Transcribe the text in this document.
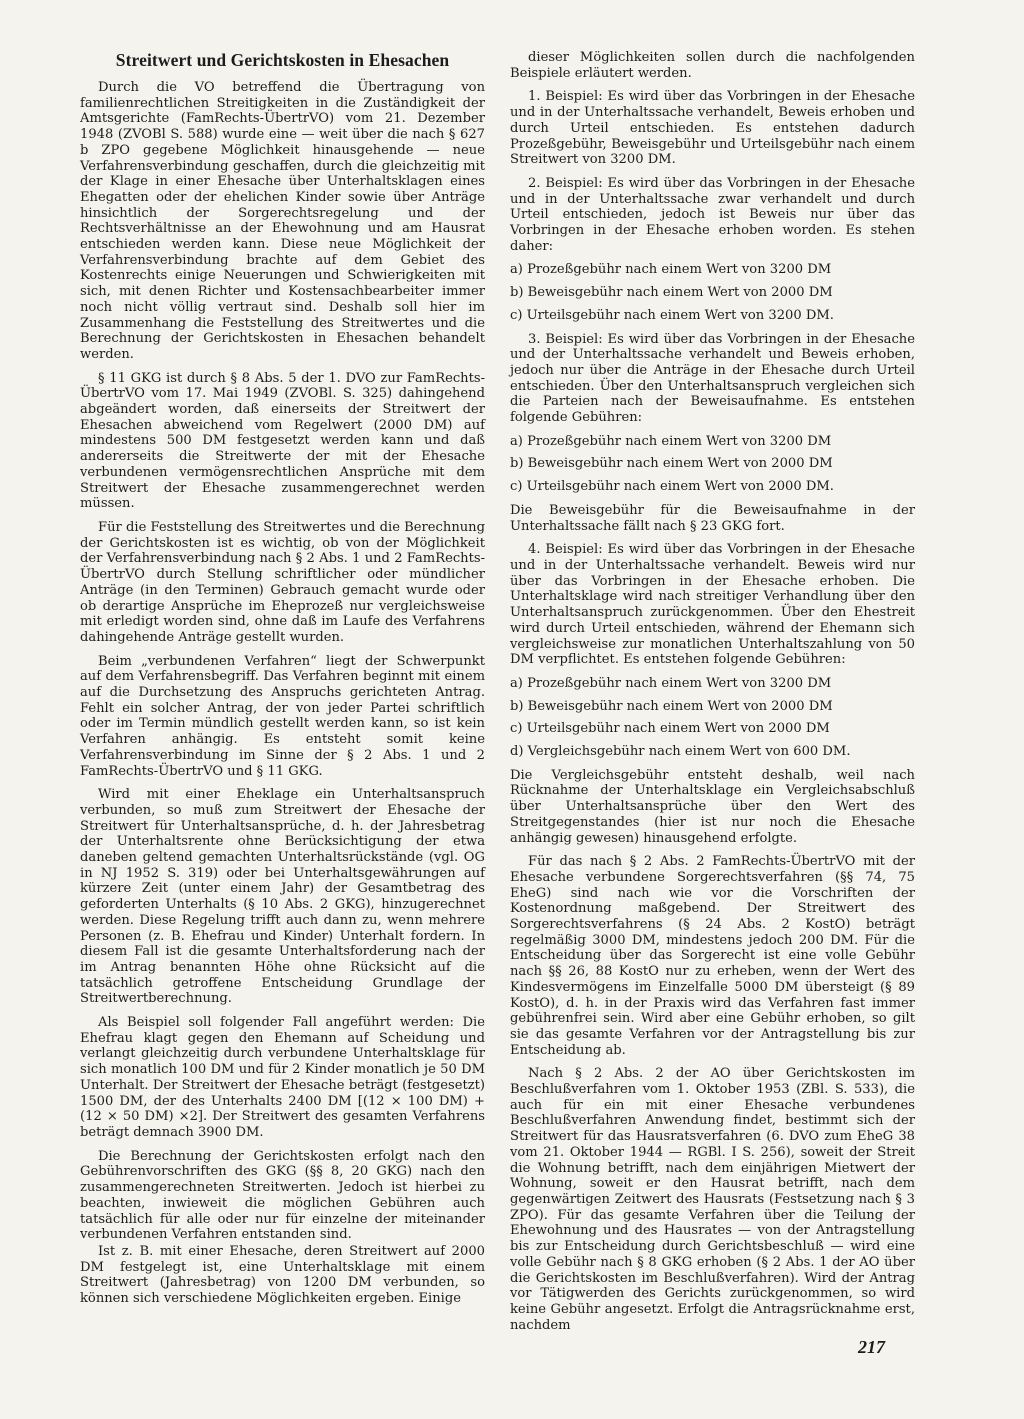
Streitwert und Gerichtskosten in Ehesachen

Durch die VO betreffend die Übertragung von familienrechtlichen Streitigkeiten in die Zuständigkeit der Amtsgerichte (FamRechts-ÜbertrVO) vom 21. Dezember 1948 (ZVOBl S. 588) wurde eine — weit über die nach § 627 b ZPO gegebene Möglichkeit hinausgehende — neue Verfahrensverbindung geschaffen, durch die gleichzeitig mit der Klage in einer Ehesache über Unterhaltsklagen eines Ehegatten oder der ehelichen Kinder sowie über Anträge hinsichtlich der Sorgerechtsregelung und der Rechtsverhältnisse an der Ehewohnung und am Hausrat entschieden werden kann. Diese neue Möglichkeit der Verfahrensverbindung brachte auf dem Gebiet des Kostenrechts einige Neuerungen und Schwierigkeiten mit sich, mit denen Richter und Kostensachbearbeiter immer noch nicht völlig vertraut sind. Deshalb soll hier im Zusammenhang die Feststellung des Streitwertes und die Berechnung der Gerichtskosten in Ehesachen behandelt werden.

§ 11 GKG ist durch § 8 Abs. 5 der 1. DVO zur FamRechts-ÜbertrVO vom 17. Mai 1949 (ZVOBl. S. 325) dahingehend abgeändert worden, daß einerseits der Streitwert der Ehesachen abweichend vom Regelwert (2000 DM) auf mindestens 500 DM festgesetzt werden kann und daß andererseits die Streitwerte der mit der Ehesache verbundenen vermögensrechtlichen Ansprüche mit dem Streitwert der Ehesache zusammengerechnet werden müssen.

Für die Feststellung des Streitwertes und die Berechnung der Gerichtskosten ist es wichtig, ob von der Möglichkeit der Verfahrensverbindung nach § 2 Abs. 1 und 2 FamRechts-ÜbertrVO durch Stellung schriftlicher oder mündlicher Anträge (in den Terminen) Gebrauch gemacht wurde oder ob derartige Ansprüche im Eheprozeß nur vergleichsweise mit erledigt worden sind, ohne daß im Laufe des Verfahrens dahingehende Anträge gestellt wurden.

Beim „verbundenen Verfahren“ liegt der Schwerpunkt auf dem Verfahrensbegriff. Das Verfahren beginnt mit einem auf die Durchsetzung des Anspruchs gerichteten Antrag. Fehlt ein solcher Antrag, der von jeder Partei schriftlich oder im Termin mündlich gestellt werden kann, so ist kein Verfahren anhängig. Es entsteht somit keine Verfahrensverbindung im Sinne der § 2 Abs. 1 und 2 FamRechts-ÜbertrVO und § 11 GKG.

Wird mit einer Eheklage ein Unterhaltsanspruch verbunden, so muß zum Streitwert der Ehesache der Streitwert für Unterhaltsansprüche, d. h. der Jahresbetrag der Unterhaltsrente ohne Berücksichtigung der etwa daneben geltend gemachten Unterhaltsrückstände (vgl. OG in NJ 1952 S. 319) oder bei Unterhaltsgewährungen auf kürzere Zeit (unter einem Jahr) der Gesamtbetrag des geforderten Unterhalts (§ 10 Abs. 2 GKG), hinzugerechnet werden. Diese Regelung trifft auch dann zu, wenn mehrere Personen (z. B. Ehefrau und Kinder) Unterhalt fordern. In diesem Fall ist die gesamte Unterhaltsforderung nach der im Antrag benannten Höhe ohne Rücksicht auf die tatsächlich getroffene Entscheidung Grundlage der Streitwertberechnung.

Als Beispiel soll folgender Fall angeführt werden: Die Ehefrau klagt gegen den Ehemann auf Scheidung und verlangt gleichzeitig durch verbundene Unterhaltsklage für sich monatlich 100 DM und für 2 Kinder monatlich je 50 DM Unterhalt. Der Streitwert der Ehesache beträgt (festgesetzt) 1500 DM, der des Unterhalts 2400 DM [(12 × 100 DM) + (12 × 50 DM) ×2]. Der Streitwert des gesamten Verfahrens beträgt demnach 3900 DM.

Die Berechnung der Gerichtskosten erfolgt nach den Gebührenvorschriften des GKG (§§ 8, 20 GKG) nach den zusammengerechneten Streitwerten. Jedoch ist hierbei zu beachten, inwieweit die möglichen Gebühren auch tatsächlich für alle oder nur für einzelne der miteinander verbundenen Verfahren entstanden sind.

Ist z. B. mit einer Ehesache, deren Streitwert auf 2000 DM festgelegt ist, eine Unterhaltsklage mit einem Streitwert (Jahresbetrag) von 1200 DM verbunden, so können sich verschiedene Möglichkeiten ergeben. Einige

dieser Möglichkeiten sollen durch die nachfolgenden Beispiele erläutert werden.

1. Beispiel: Es wird über das Vorbringen in der Ehesache und in der Unterhaltssache verhandelt, Beweis erhoben und durch Urteil entschieden. Es entstehen dadurch Prozeßgebühr, Beweisgebühr und Urteilsgebühr nach einem Streitwert von 3200 DM.

2. Beispiel: Es wird über das Vorbringen in der Ehesache und in der Unterhaltssache zwar verhandelt und durch Urteil entschieden, jedoch ist Beweis nur über das Vorbringen in der Ehesache erhoben worden. Es stehen daher:

a) Prozeßgebühr nach einem Wert von 3200 DM
b) Beweisgebühr nach einem Wert von 2000 DM
c) Urteilsgebühr nach einem Wert von 3200 DM.

3. Beispiel: Es wird über das Vorbringen in der Ehesache und der Unterhaltssache verhandelt und Beweis erhoben, jedoch nur über die Anträge in der Ehesache durch Urteil entschieden. Über den Unterhaltsanspruch vergleichen sich die Parteien nach der Beweisaufnahme. Es entstehen folgende Gebühren:

a) Prozeßgebühr nach einem Wert von 3200 DM
b) Beweisgebühr nach einem Wert von 2000 DM
c) Urteilsgebühr nach einem Wert von 2000 DM.

Die Beweisgebühr für die Beweisaufnahme in der Unterhaltssache fällt nach § 23 GKG fort.

4. Beispiel: Es wird über das Vorbringen in der Ehesache und in der Unterhaltssache verhandelt. Beweis wird nur über das Vorbringen in der Ehesache erhoben. Die Unterhaltsklage wird nach streitiger Verhandlung über den Unterhaltsanspruch zurückgenommen. Über den Ehestreit wird durch Urteil entschieden, während der Ehemann sich vergleichsweise zur monatlichen Unterhaltszahlung von 50 DM verpflichtet. Es entstehen folgende Gebühren:

a) Prozeßgebühr nach einem Wert von 3200 DM
b) Beweisgebühr nach einem Wert von 2000 DM
c) Urteilsgebühr nach einem Wert von 2000 DM
d) Vergleichsgebühr nach einem Wert von 600 DM.

Die Vergleichsgebühr entsteht deshalb, weil nach Rücknahme der Unterhaltsklage ein Vergleichsabschluß über Unterhaltsansprüche über den Wert des Streitgegenstandes (hier ist nur noch die Ehesache anhängig gewesen) hinausgehend erfolgte.

Für das nach § 2 Abs. 2 FamRechts-ÜbertrVO mit der Ehesache verbundene Sorgerechtsverfahren (§§ 74, 75 EheG) sind nach wie vor die Vorschriften der Kostenordnung maßgebend. Der Streitwert des Sorgerechtsverfahrens (§ 24 Abs. 2 KostO) beträgt regelmäßig 3000 DM, mindestens jedoch 200 DM. Für die Entscheidung über das Sorgerecht ist eine volle Gebühr nach §§ 26, 88 KostO nur zu erheben, wenn der Wert des Kindesvermögens im Einzelfalle 5000 DM übersteigt (§ 89 KostO), d. h. in der Praxis wird das Verfahren fast immer gebührenfrei sein. Wird aber eine Gebühr erhoben, so gilt sie das gesamte Verfahren vor der Antragstellung bis zur Entscheidung ab.

Nach § 2 Abs. 2 der AO über Gerichtskosten im Beschlußverfahren vom 1. Oktober 1953 (ZBl. S. 533), die auch für ein mit einer Ehesache verbundenes Beschlußverfahren Anwendung findet, bestimmt sich der Streitwert für das Hausratsverfahren (6. DVO zum EheG 38 vom 21. Oktober 1944 — RGBl. I S. 256), soweit der Streit die Wohnung betrifft, nach dem einjährigen Mietwert der Wohnung, soweit er den Hausrat betrifft, nach dem gegenwärtigen Zeitwert des Hausrats (Festsetzung nach § 3 ZPO). Für das gesamte Verfahren über die Teilung der Ehewohnung und des Hausrates — von der Antragstellung bis zur Entscheidung durch Gerichtsbeschluß — wird eine volle Gebühr nach § 8 GKG erhoben (§ 2 Abs. 1 der AO über die Gerichtskosten im Beschlußverfahren). Wird der Antrag vor Tätigwerden des Gerichts zurückgenommen, so wird keine Gebühr angesetzt. Erfolgt die Antragsrücknahme erst, nachdem

217
